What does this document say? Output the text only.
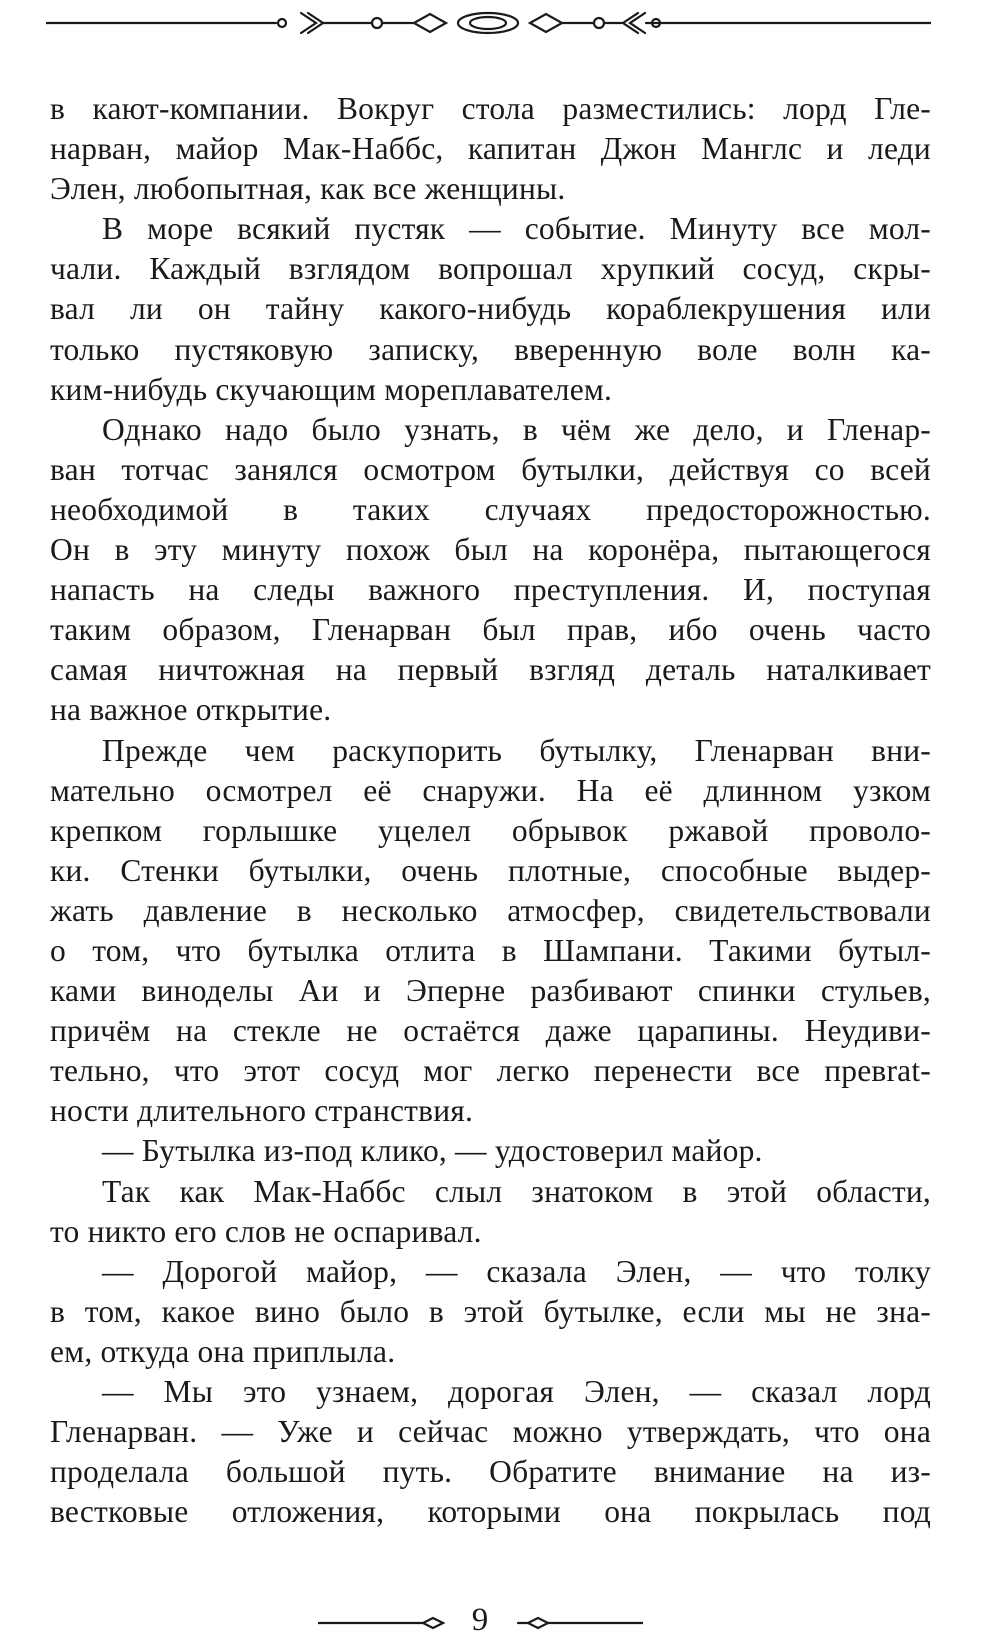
в кают-компании. Вокруг стола разместились: лорд Гле-
нарван, майор Мак-Наббс, капитан Джон Манглс и леди
Элен, любопытная, как все женщины.
В море всякий пустяк — событие. Минуту все мол-
чали. Каждый взглядом вопрошал хрупкий сосуд, скры-
вал ли он тайну какого-нибудь кораблекрушения или
только пустяковую записку, вверенную воле волн ка-
ким-нибудь скучающим мореплавателем.
Однако надо было узнать, в чём же дело, и Гленар-
ван тотчас занялся осмотром бутылки, действуя со всей
необходимой в таких случаях предосторожностью.
Он в эту минуту похож был на коронёра, пытающегося
напасть на следы важного преступления. И, поступая
таким образом, Гленарван был прав, ибо очень часто
самая ничтожная на первый взгляд деталь наталкивает
на важное открытие.
Прежде чем раскупорить бутылку, Гленарван вни-
мательно осмотрел её снаружи. На её длинном узком
крепком горлышке уцелел обрывок ржавой проволо-
ки. Стенки бутылки, очень плотные, способные выдер-
жать давление в несколько атмосфер, свидетельствовали
о том, что бутылка отлита в Шампани. Такими бутыл-
ками виноделы Аи и Эперне разбивают спинки стульев,
причём на стекле не остаётся даже царапины. Неудиви-
тельно, что этот сосуд мог легко перенести все превrat-
ности длительного странствия.
— Бутылка из-под клико, — удостоверил майор.
Так как Мак-Наббс слыл знатоком в этой области,
то никто его слов не оспаривал.
— Дорогой майор, — сказала Элен, — что толку
в том, какое вино было в этой бутылке, если мы не зна-
ем, откуда она приплыла.
— Мы это узнаем, дорогая Элен, — сказал лорд
Гленарван. — Уже и сейчас можно утверждать, что она
проделала большой путь. Обратите внимание на из-
вестковые отложения, которыми она покрылась под
9
